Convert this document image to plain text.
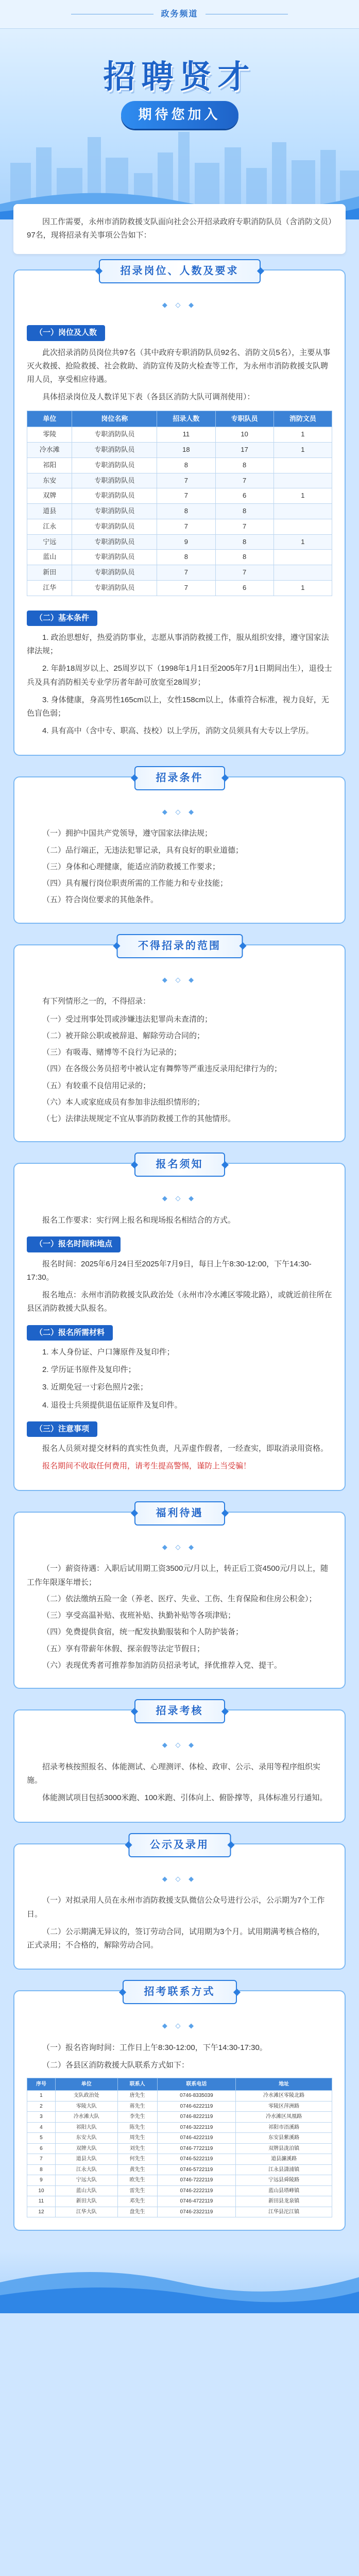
政务频道
招聘贤才
期待您加入
因工作需要，永州市消防救援支队面向社会公开招录政府专职消防队员（含消防文员）97名，现将招录有关事项公告如下：
招录岗位、人数及要求
◆ ◇ ◆
（一）岗位及人数

此次招录消防员岗位共97名（其中政府专职消防队员92名、消防文员5名），主要从事灭火救援、抢险救援、社会救助、消防宣传及防火检查等工作，为永州市消防救援支队聘用人员，享受相应待遇。

具体招录岗位及人数详见下表（各县区消防大队可调剂使用）：

单位	岗位名称	招录人数	专职队员	消防文员
零陵	专职消防队员	11	10	1
冷水滩	专职消防队员	18	17	1
祁阳	专职消防队员	8	8	
东安	专职消防队员	7	7	
双牌	专职消防队员	7	6	1
道县	专职消防队员	8	8	
江永	专职消防队员	7	7	
宁远	专职消防队员	9	8	1
蓝山	专职消防队员	8	8	
新田	专职消防队员	7	7	
江华	专职消防队员	7	6	1
（二）基本条件

1. 政治思想好，热爱消防事业，志愿从事消防救援工作，服从组织安排，遵守国家法律法规；

2. 年龄18周岁以上、25周岁以下（1998年1月1日至2005年7月1日期间出生），退役士兵及具有消防相关专业学历者年龄可放宽至28周岁；

3. 身体健康，身高男性165cm以上，女性158cm以上，体重符合标准，视力良好，无色盲色弱；

4. 具有高中（含中专、职高、技校）以上学历，消防文员须具有大专以上学历。

招录条件
◆ ◇ ◆

（一）拥护中国共产党领导，遵守国家法律法规；

（二）品行端正，无违法犯罪记录，具有良好的职业道德；

（三）身体和心理健康，能适应消防救援工作要求；

（四）具有履行岗位职责所需的工作能力和专业技能；

（五）符合岗位要求的其他条件。

不得招录的范围
◆ ◇ ◆

有下列情形之一的，不得招录：

（一）受过刑事处罚或涉嫌违法犯罪尚未查清的；

（二）被开除公职或被辞退、解除劳动合同的；

（三）有吸毒、赌博等不良行为记录的；

（四）在各级公务员招考中被认定有舞弊等严重违反录用纪律行为的；

（五）有较重不良信用记录的；

（六）本人或家庭成员有参加非法组织情形的；

（七）法律法规规定不宜从事消防救援工作的其他情形。

报名须知
◆ ◇ ◆

报名工作要求：实行网上报名和现场报名相结合的方式。

（一）报名时间和地点

报名时间：2025年6月24日至2025年7月9日，每日上午8:30-12:00，下午14:30-17:30。

报名地点：永州市消防救援支队政治处（永州市冷水滩区零陵北路），或就近前往所在县区消防救援大队报名。

（二）报名所需材料

1. 本人身份证、户口簿原件及复印件；

2. 学历证书原件及复印件；

3. 近期免冠一寸彩色照片2张；

4. 退役士兵须提供退伍证原件及复印件。

（三）注意事项

报名人员须对提交材料的真实性负责，凡弄虚作假者，一经查实，即取消录用资格。

报名期间不收取任何费用，请考生提高警惕，谨防上当受骗！

福利待遇
◆ ◇ ◆

（一）薪资待遇：入职后试用期工资3500元/月以上，转正后工资4500元/月以上，随工作年限逐年增长；

（二）依法缴纳五险一金（养老、医疗、失业、工伤、生育保险和住房公积金）；

（三）享受高温补贴、夜班补贴、执勤补贴等各项津贴；

（四）免费提供食宿，统一配发执勤服装和个人防护装备；

（五）享有带薪年休假、探亲假等法定节假日；

（六）表现优秀者可推荐参加消防员招录考试，择优推荐入党、提干。

招录考核
◆ ◇ ◆

招录考核按照报名、体能测试、心理测评、体检、政审、公示、录用等程序组织实施。

体能测试项目包括3000米跑、100米跑、引体向上、俯卧撑等，具体标准另行通知。

公示及录用
◆ ◇ ◆

（一）对拟录用人员在永州市消防救援支队微信公众号进行公示，公示期为7个工作日。

（二）公示期满无异议的，签订劳动合同，试用期为3个月。试用期满考核合格的，正式录用；不合格的，解除劳动合同。

招考联系方式
◆ ◇ ◆

（一）报名咨询时间：工作日上午8:30-12:00，下午14:30-17:30。

（二）各县区消防救援大队联系方式如下：

序号	单位	联系人	联系电话	地址
1	支队政治处	唐先生	0746-8335039	冷水滩区零陵北路
2	零陵大队	蒋先生	0746-6222119	零陵区萍洲路
3	冷水滩大队	李先生	0746-8222119	冷水滩区凤凰路
4	祁阳大队	陈先生	0746-3222119	祁阳市浯溪路
5	东安大队	周先生	0746-4222119	东安县紫溪路
6	双牌大队	刘先生	0746-7722119	双牌县泷泊镇
7	道县大队	何先生	0746-5222119	道县濂溪路
8	江永大队	黄先生	0746-5722119	江永县潇浦镇
9	宁远大队	欧先生	0746-7222119	宁远县舜陵路
10	蓝山大队	雷先生	0746-2222119	蓝山县塔峰镇
11	新田大队	邓先生	0746-4722119	新田县龙泉镇
12	江华大队	盘先生	0746-2322119	江华县沱江镇
